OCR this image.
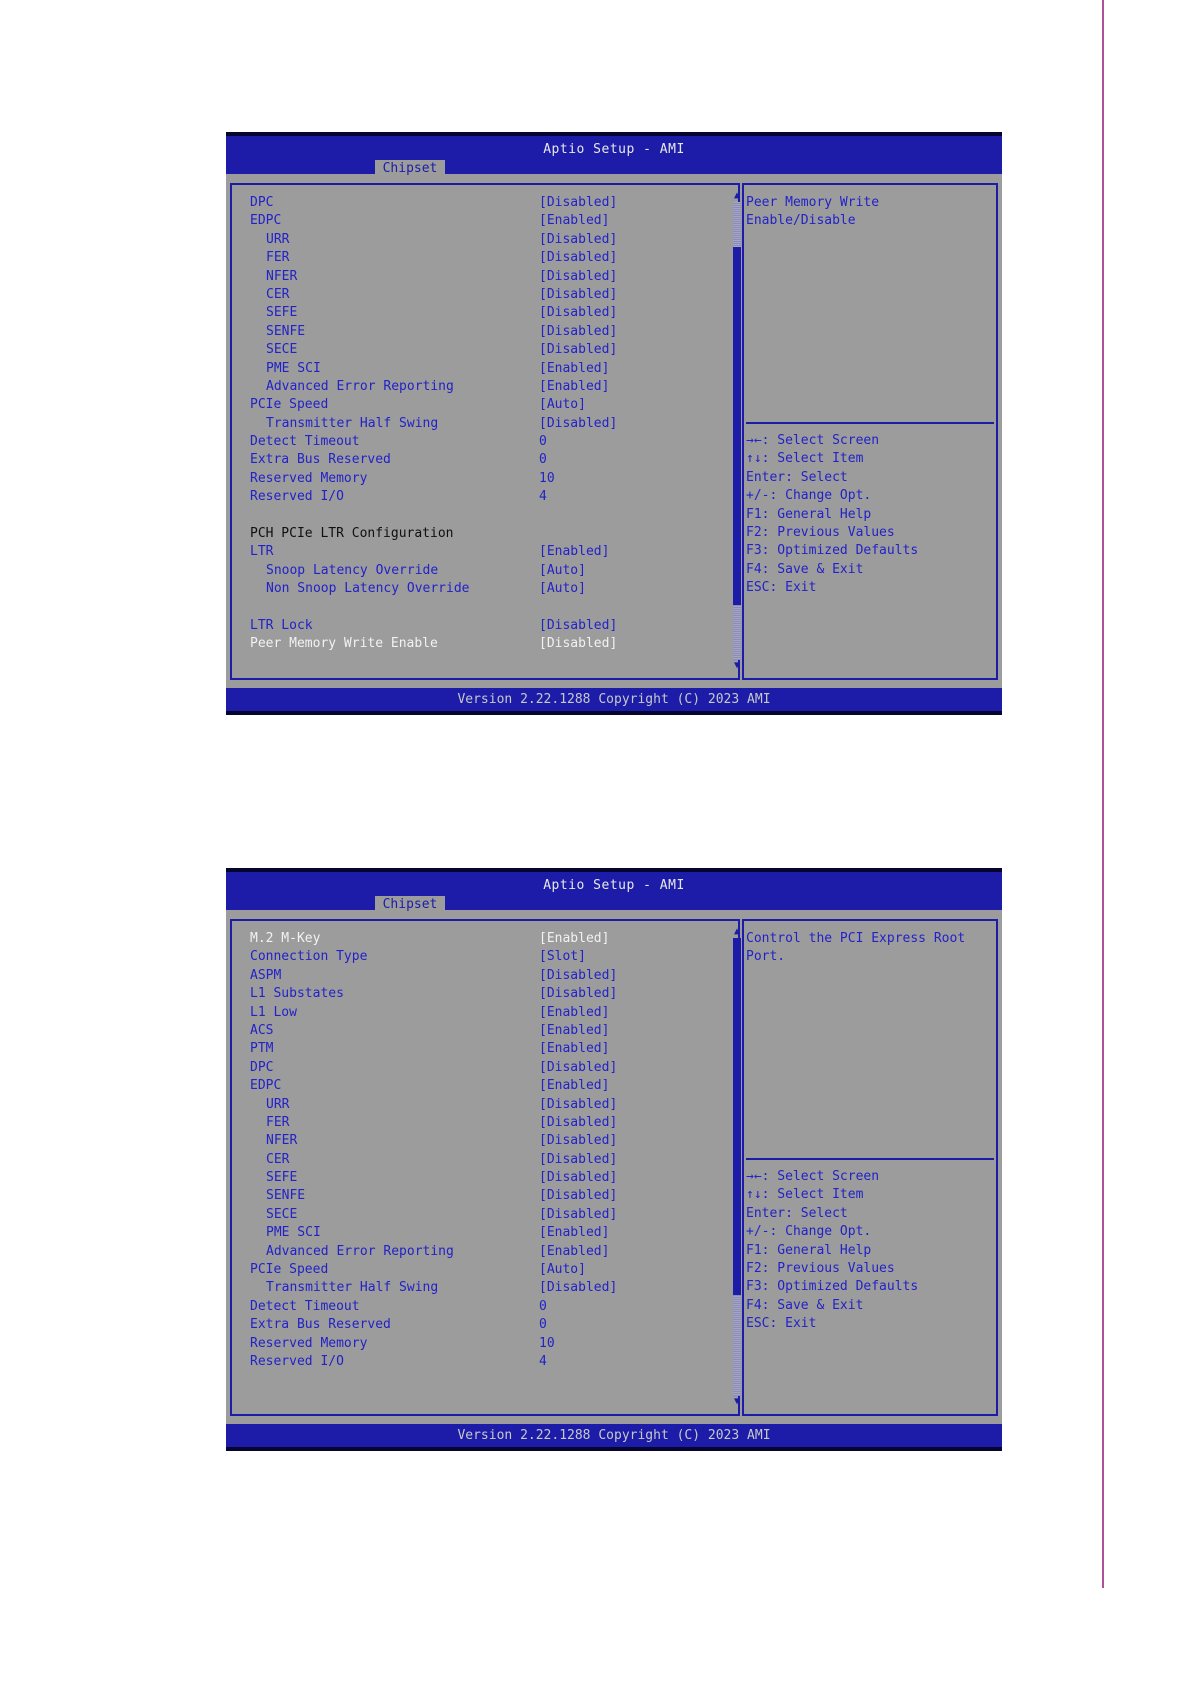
Aptio Setup - AMI
Chipset
DPC	[Disabled]
EDPC	[Enabled]
URR	[Disabled]
FER	[Disabled]
NFER	[Disabled]
CER	[Disabled]
SEFE	[Disabled]
SENFE	[Disabled]
SECE	[Disabled]
PME SCI	[Enabled]
Advanced Error Reporting	[Enabled]
PCIe Speed	[Auto]
Transmitter Half Swing	[Disabled]
Detect Timeout	0
Extra Bus Reserved	0
Reserved Memory	10
Reserved I/O	4
PCH PCIe LTR Configuration
LTR	[Enabled]
Snoop Latency Override	[Auto]
Non Snoop Latency Override	[Auto]
LTR Lock	[Disabled]
Peer Memory Write Enable	[Disabled]
▲
▼
Peer Memory Write
Enable/Disable
→←: Select Screen
↑↓: Select Item
Enter: Select
+/-: Change Opt.
F1: General Help
F2: Previous Values
F3: Optimized Defaults
F4: Save & Exit
ESC: Exit
Version 2.22.1288 Copyright (C) 2023 AMI
Aptio Setup - AMI
Chipset
M.2 M-Key	[Enabled]
Connection Type	[Slot]
ASPM	[Disabled]
L1 Substates	[Disabled]
L1 Low	[Enabled]
ACS	[Enabled]
PTM	[Enabled]
DPC	[Disabled]
EDPC	[Enabled]
URR	[Disabled]
FER	[Disabled]
NFER	[Disabled]
CER	[Disabled]
SEFE	[Disabled]
SENFE	[Disabled]
SECE	[Disabled]
PME SCI	[Enabled]
Advanced Error Reporting	[Enabled]
PCIe Speed	[Auto]
Transmitter Half Swing	[Disabled]
Detect Timeout	0
Extra Bus Reserved	0
Reserved Memory	10
Reserved I/O	4
▲
▼
Control the PCI Express Root
Port.
→←: Select Screen
↑↓: Select Item
Enter: Select
+/-: Change Opt.
F1: General Help
F2: Previous Values
F3: Optimized Defaults
F4: Save & Exit
ESC: Exit
Version 2.22.1288 Copyright (C) 2023 AMI
